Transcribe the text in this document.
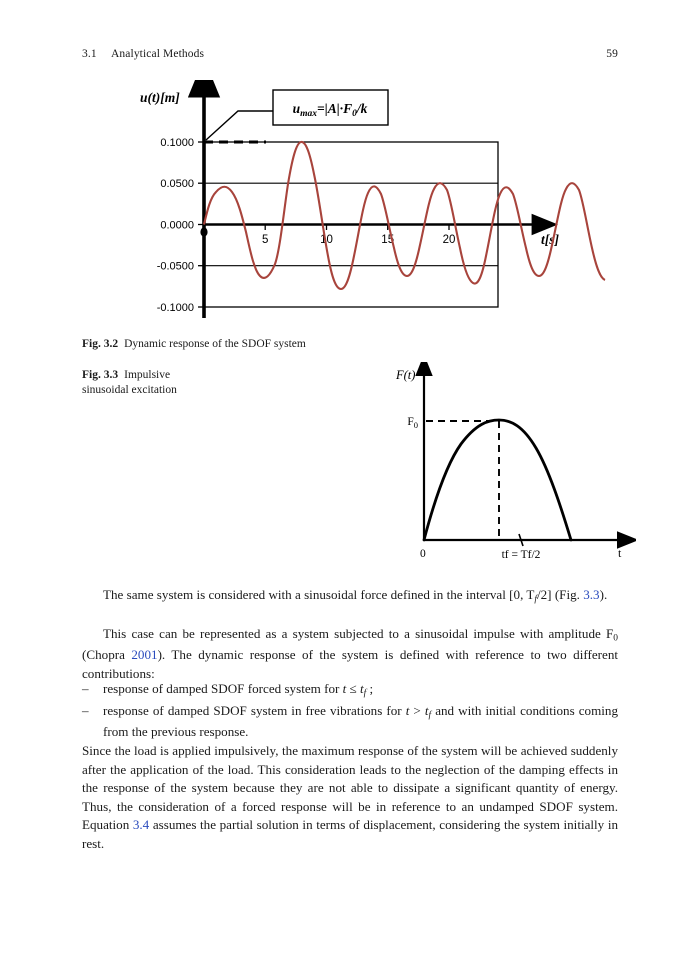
3.1 Analytical Methods	59
0.1000
0.0500
0.0000
-0.0500
-0.1000
5	10	15	20
u(t)[m]
t[s]
$u_{max}=|A|\cdot F_0/k$
Fig. 3.2 Dynamic response of the SDOF system
Fig. 3.3 Impulsive
sinusoidal excitation
F(t)
t
0
$F_0$
tf = Tf/2
The same system is considered with a sinusoidal force defined in the interval [0, $T_f/2$] (Fig. 3.3).
This case can be represented as a system subjected to a sinusoidal impulse with amplitude $F_0$ (Chopra 2001). The dynamic response of the system is defined with reference to two different contributions:
– response of damped SDOF forced system for $t \le t_f$ ;
– response of damped SDOF system in free vibrations for $t > t_f$ and with initial conditions coming from the previous response.
Since the load is applied impulsively, the maximum response of the system will be achieved suddenly after the application of the load. This consideration leads to the neglection of the damping effects in the response of the system because they are not able to dissipate a significant quantity of energy. Thus, the consideration of a forced response will be in reference to an undamped SDOF system. Equation 3.4 assumes the partial solution in terms of displacement, considering the system initially in rest.
